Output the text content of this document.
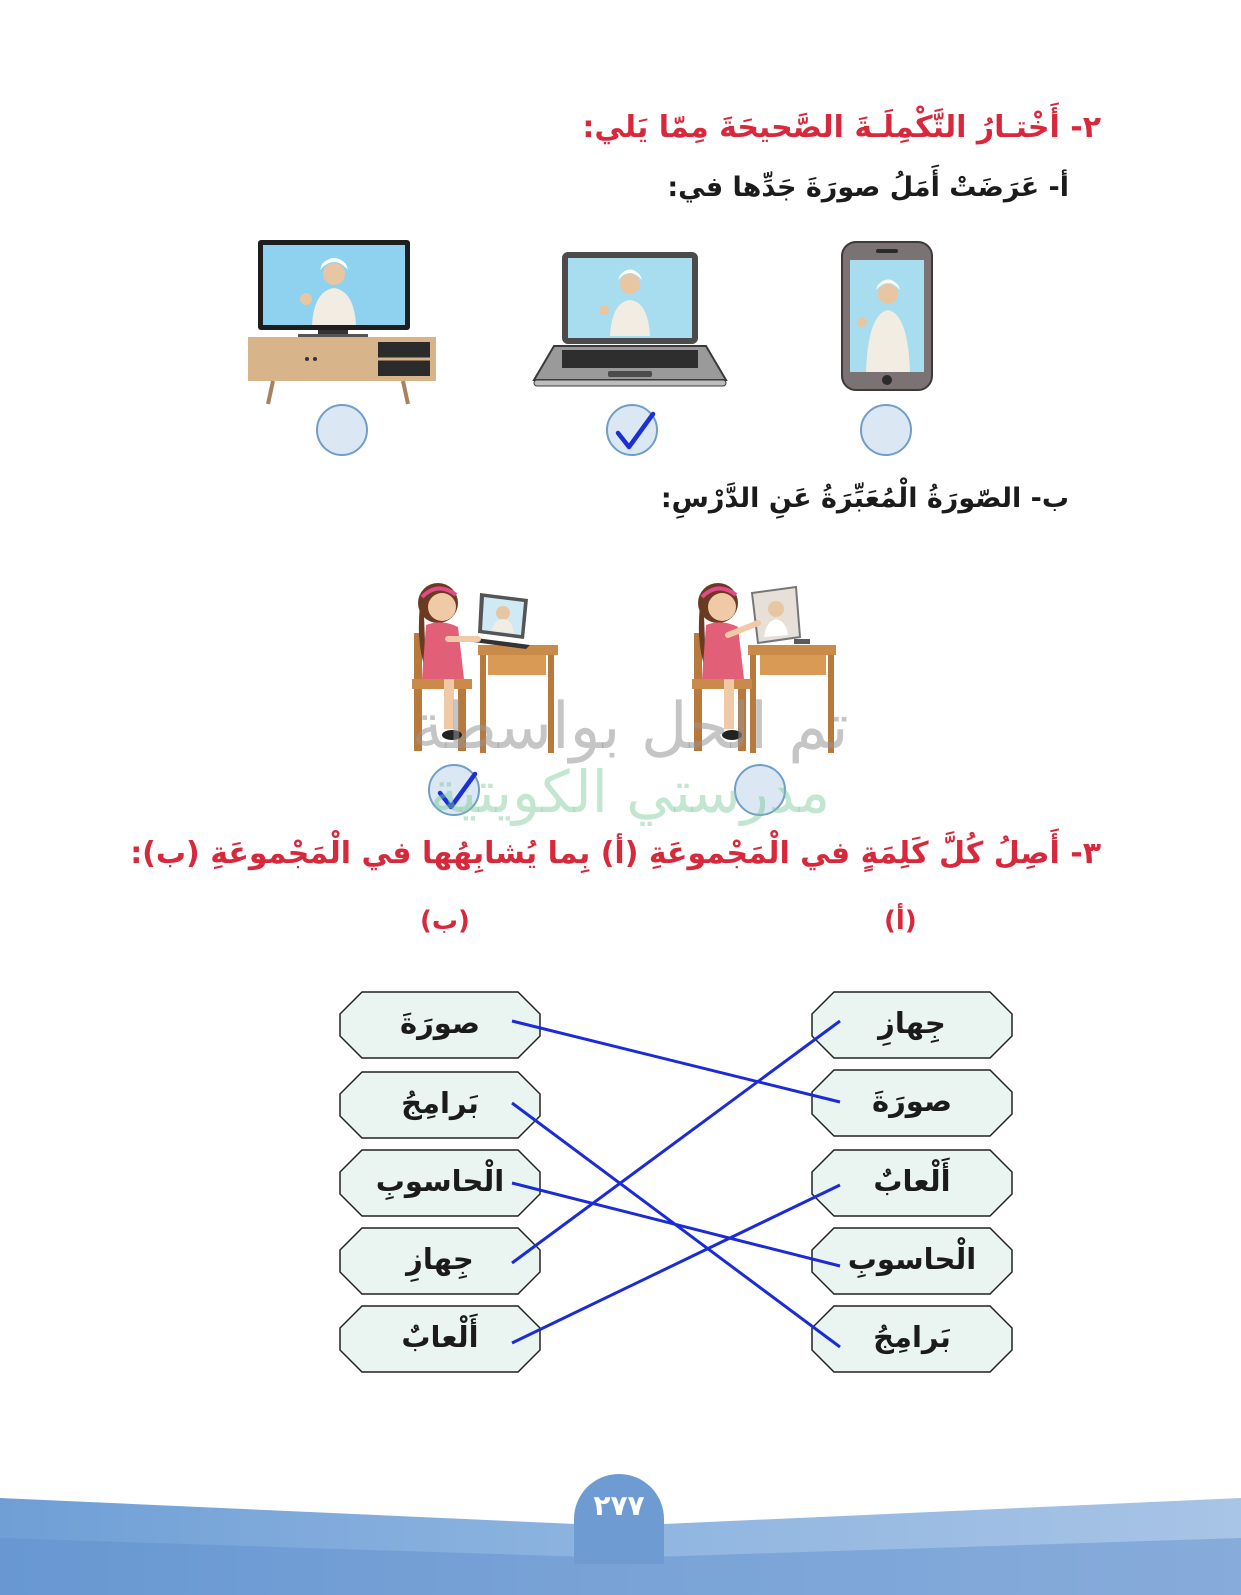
٢- أَخْتـارُ التَّكْمِلَـةَ الصَّحيحَةَ مِمّا يَلي:
أ- عَرَضَتْ أَمَلُ صورَةَ جَدِّها في:
ب- الصّورَةُ الْمُعَبِّرَةُ عَنِ الدَّرْسِ:
تم الحل بواسطة
مدرستي الكويتية
٣- أَصِلُ كُلَّ كَلِمَةٍ في الْمَجْموعَةِ (أ) بِما يُشابِهُها في الْمَجْموعَةِ (ب):
(أ)
(ب)
صورَةَ
بَرامِجُ
الْحاسوبِ
جِهازِ
أَلْعابٌ
جِهازِ
صورَةَ
أَلْعابٌ
الْحاسوبِ
بَرامِجُ
٢٧٧
